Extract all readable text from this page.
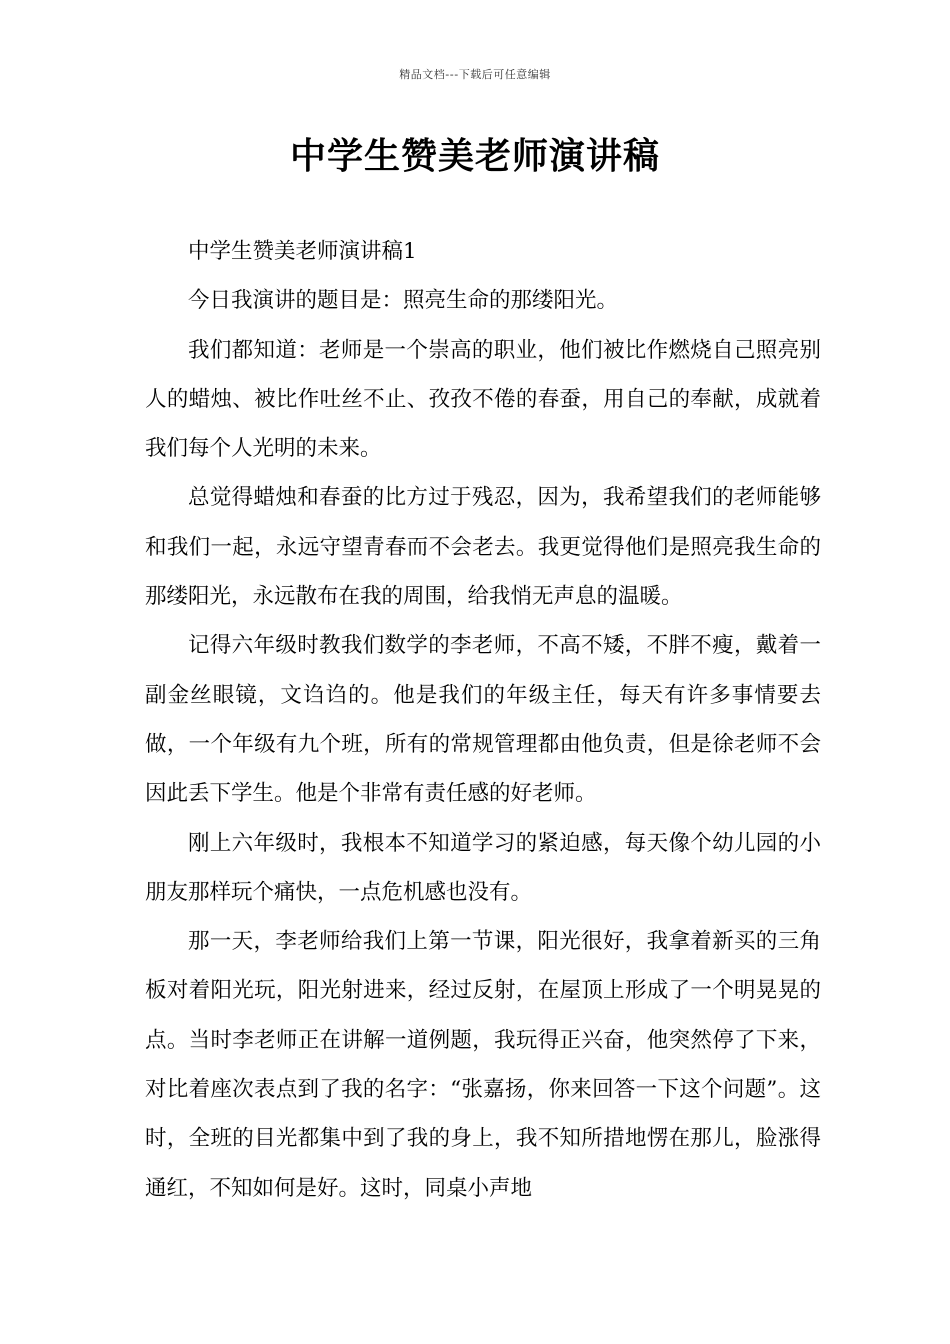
精品文档---下载后可任意编辑
中学生赞美老师演讲稿

中学生赞美老师演讲稿1

今日我演讲的题目是：照亮生命的那缕阳光。

我们都知道：老师是一个崇高的职业，他们被比作燃烧自己照亮别人的蜡烛、被比作吐丝不止、孜孜不倦的春蚕，用自己的奉献，成就着我们每个人光明的未来。

总觉得蜡烛和春蚕的比方过于残忍，因为，我希望我们的老师能够和我们一起，永远守望青春而不会老去。我更觉得他们是照亮我生命的那缕阳光，永远散布在我的周围，给我悄无声息的温暖。

记得六年级时教我们数学的李老师，不高不矮，不胖不瘦，戴着一副金丝眼镜，文诌诌的。他是我们的年级主任，每天有许多事情要去做，一个年级有九个班，所有的常规管理都由他负责，但是徐老师不会因此丢下学生。他是个非常有责任感的好老师。

刚上六年级时，我根本不知道学习的紧迫感，每天像个幼儿园的小朋友那样玩个痛快，一点危机感也没有。

那一天，李老师给我们上第一节课，阳光很好，我拿着新买的三角板对着阳光玩，阳光射进来，经过反射，在屋顶上形成了一个明晃晃的点。当时李老师正在讲解一道例题，我玩得正兴奋，他突然停了下来，对比着座次表点到了我的名字：“张嘉扬，你来回答一下这个问题”。这时，全班的目光都集中到了我的身上，我不知所措地愣在那儿，脸涨得通红，不知如何是好。这时，同桌小声地
